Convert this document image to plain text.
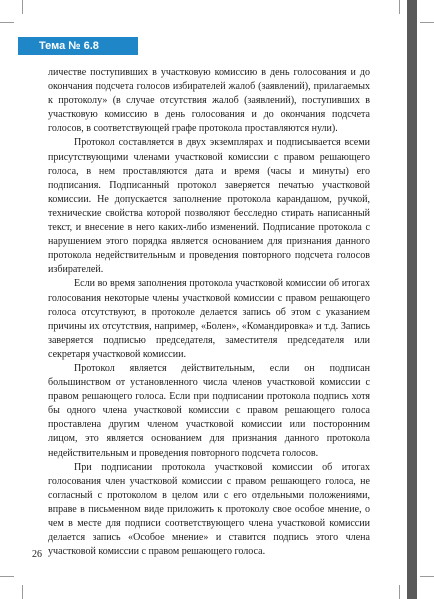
Тема № 6.8

личестве поступивших в участковую комиссию в день голосования и до окончания подсчета голосов избирателей жалоб (заявлений), прилагаемых к протоколу» (в случае отсутствия жалоб (заявлений), поступивших в участковую комиссию в день голосования и до окончания подсчета голосов, в соответствующей графе протокола проставляются нули).

Протокол составляется в двух экземплярах и подписывается всеми присутствующими членами участковой комиссии с правом решающего голоса, в нем проставляются дата и время (часы и минуты) его подписания. Подписанный протокол заверяется печатью участковой комиссии. Не допускается заполнение протокола карандашом, ручкой, технические свойства которой позволяют бесследно стирать написанный текст, и внесение в него каких-либо изменений. Подписание протокола с нарушением этого порядка является основанием для признания данного протокола недействительным и проведения повторного подсчета голосов избирателей.

Если во время заполнения протокола участковой комиссии об итогах голосования некоторые члены участковой комиссии с правом решающего голоса отсутствуют, в протоколе делается запись об этом с указанием причины их отсутствия, например, «Болен», «Командировка» и т.д. Запись заверяется подписью председателя, заместителя председателя или секретаря участковой комиссии.

Протокол является действительным, если он подписан большинством от установленного числа членов участковой комиссии с правом решающего голоса. Если при подписании протокола подпись хотя бы одного члена участковой комиссии с правом решающего голоса проставлена другим членом участковой комиссии или посторонним лицом, это является основанием для признания данного протокола недействительным и проведения повторного подсчета голосов.

При подписании протокола участковой комиссии об итогах голосования член участковой комиссии с правом решающего голоса, не согласный с протоколом в целом или с его отдельными положениями, вправе в письменном виде приложить к протоколу свое особое мнение, о чем в месте для подписи соответствующего члена участковой комиссии делается запись «Особое мнение» и ставится подпись этого члена участковой комиссии с правом решающего голоса.

26
